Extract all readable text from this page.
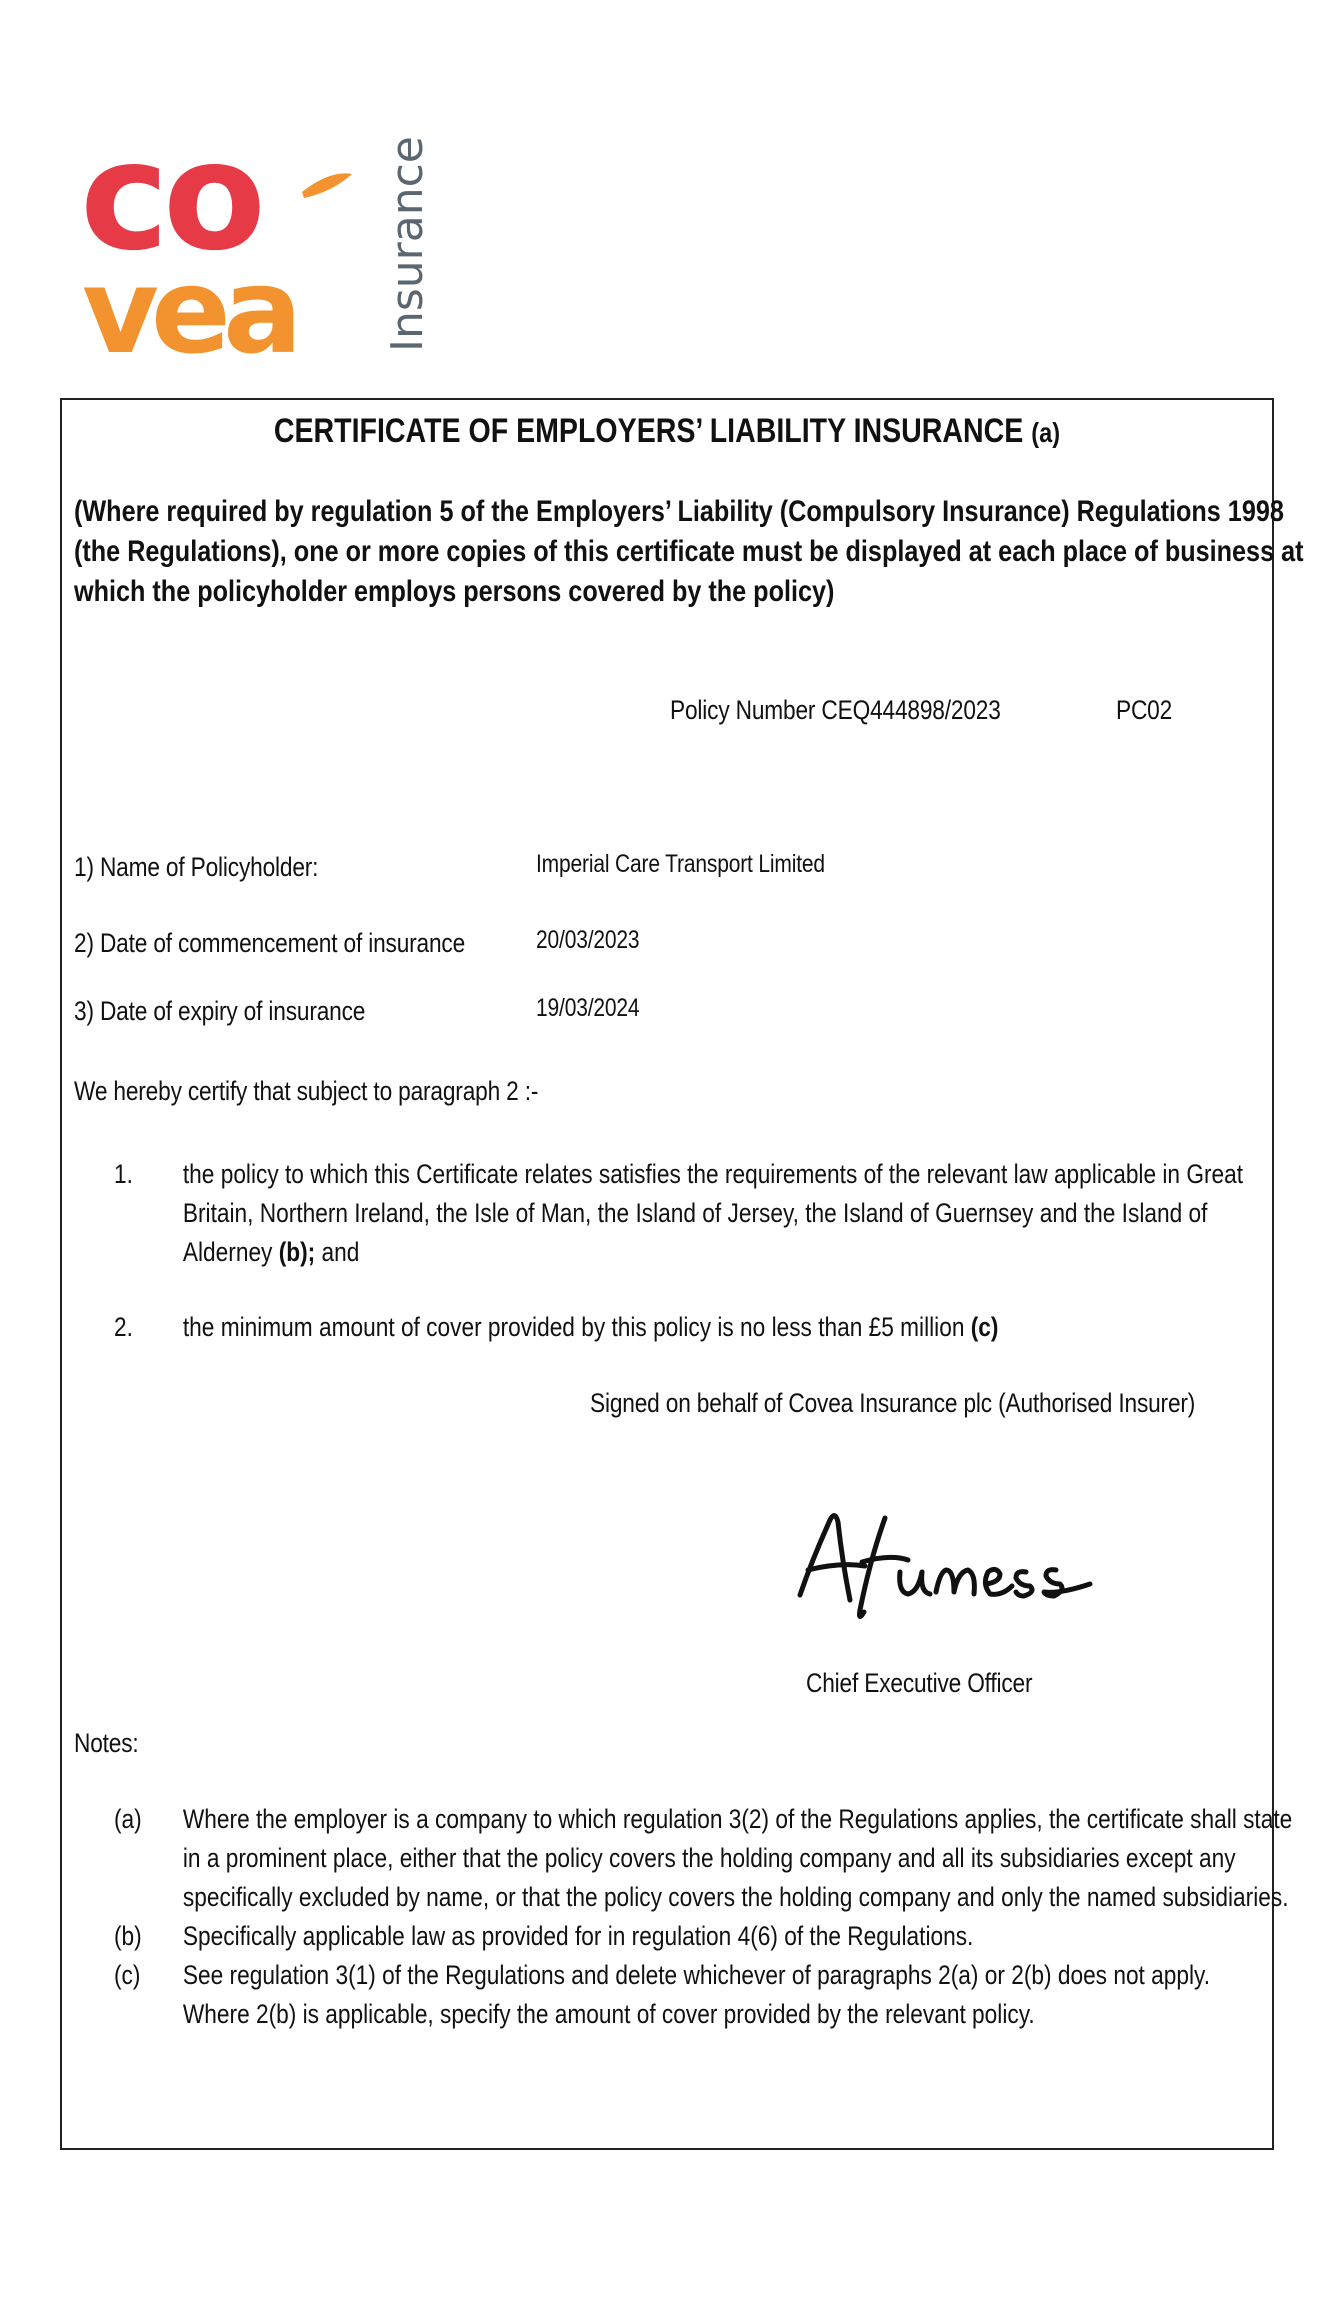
co
vea Insurance
CERTIFICATE OF EMPLOYERS’ LIABILITY INSURANCE (a)
(Where required by regulation 5 of the Employers’ Liability (Compulsory Insurance) Regulations 1998
(the Regulations), one or more copies of this certificate must be displayed at each place of business at
which the policyholder employs persons covered by the policy)
Policy Number CEQ444898/2023	PC02
1) Name of Policyholder:	Imperial Care Transport Limited
2) Date of commencement of insurance	20/03/2023
3) Date of expiry of insurance	19/03/2024
We hereby certify that subject to paragraph 2 :-
1. the policy to which this Certificate relates satisfies the requirements of the relevant law applicable in Great
Britain, Northern Ireland, the Isle of Man, the Island of Jersey, the Island of Guernsey and the Island of
Alderney (b); and
2. the minimum amount of cover provided by this policy is no less than £5 million (c)
Signed on behalf of Covea Insurance plc (Authorised Insurer)
Chief Executive Officer
Notes:
(a) Where the employer is a company to which regulation 3(2) of the Regulations applies, the certificate shall state
in a prominent place, either that the policy covers the holding company and all its subsidiaries except any
specifically excluded by name, or that the policy covers the holding company and only the named subsidiaries.
(b) Specifically applicable law as provided for in regulation 4(6) of the Regulations.
(c) See regulation 3(1) of the Regulations and delete whichever of paragraphs 2(a) or 2(b) does not apply.
Where 2(b) is applicable, specify the amount of cover provided by the relevant policy.
